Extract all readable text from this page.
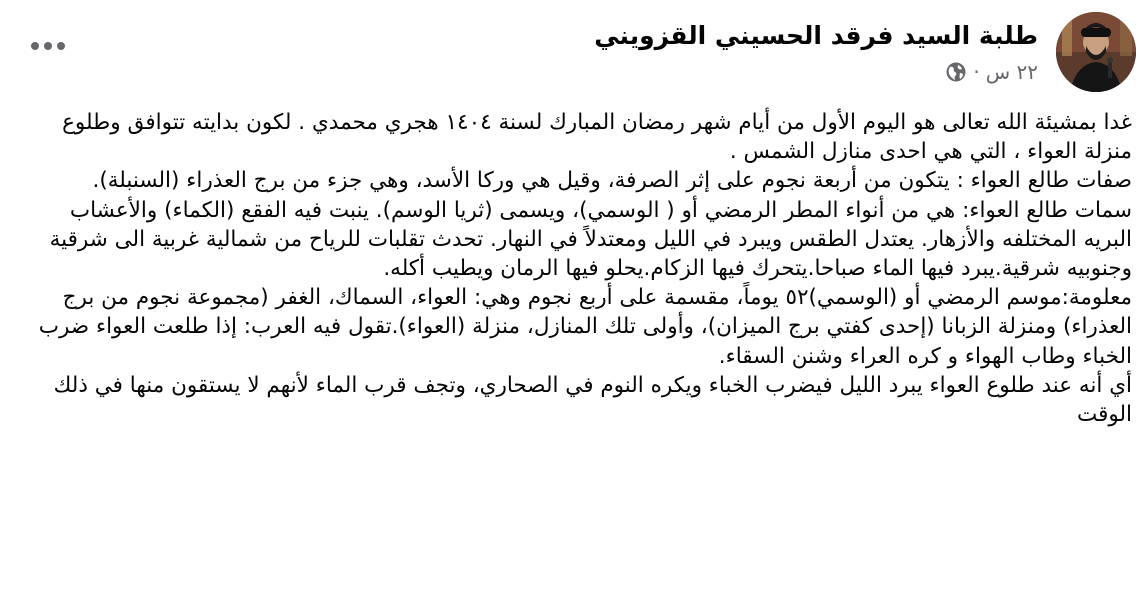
طلبة السيد فرقد الحسيني القزويني
٢٢ س
·

غدا بمشيئة الله تعالى هو اليوم الأول من أيام شهر رمضان المبارك لسنة ١٤٠٤ هجري محمدي . لكون بدايته تتوافق وطلوع منزلة العواء ، التي هي احدى منازل الشمس .

صفات طالع العواء : يتكون من أربعة نجوم على إثر الصرفة، وقيل هي وركا الأسد، وهي جزء من برج العذراء (السنبلة).

سمات طالع العواء: هي من أنواء المطر الرمضي أو ( الوسمي)، ويسمى (ثريا الوسم). ينبت فيه الفقع (الكماء) والأعشاب البريه المختلفه والأزهار. يعتدل الطقس ويبرد في الليل ومعتدلاً في النهار. تحدث تقلبات للرياح من شمالية غربية الى شرقية وجنوبيه شرقية.يبرد فيها الماء صباحا.يتحرك فيها الزكام.يحلو فيها الرمان ويطيب أكله.

معلومة:موسم الرمضي أو (الوسمي)٥٢ يوماً، مقسمة على أربع نجوم وهي: العواء، السماك، الغفر (مجموعة نجوم من برج العذراء) ومنزلة الزبانا (إحدى كفتي برج الميزان)، وأولى تلك المنازل، منزلة (العواء).تقول فيه العرب: إذا طلعت العواء ضرب الخباء وطاب الهواء و كره العراء وشنن السقاء.

أي أنه عند طلوع العواء يبرد الليل فيضرب الخباء ويكره النوم في الصحاري، وتجف قرب الماء لأنهم لا يستقون منها في ذلك الوقت
